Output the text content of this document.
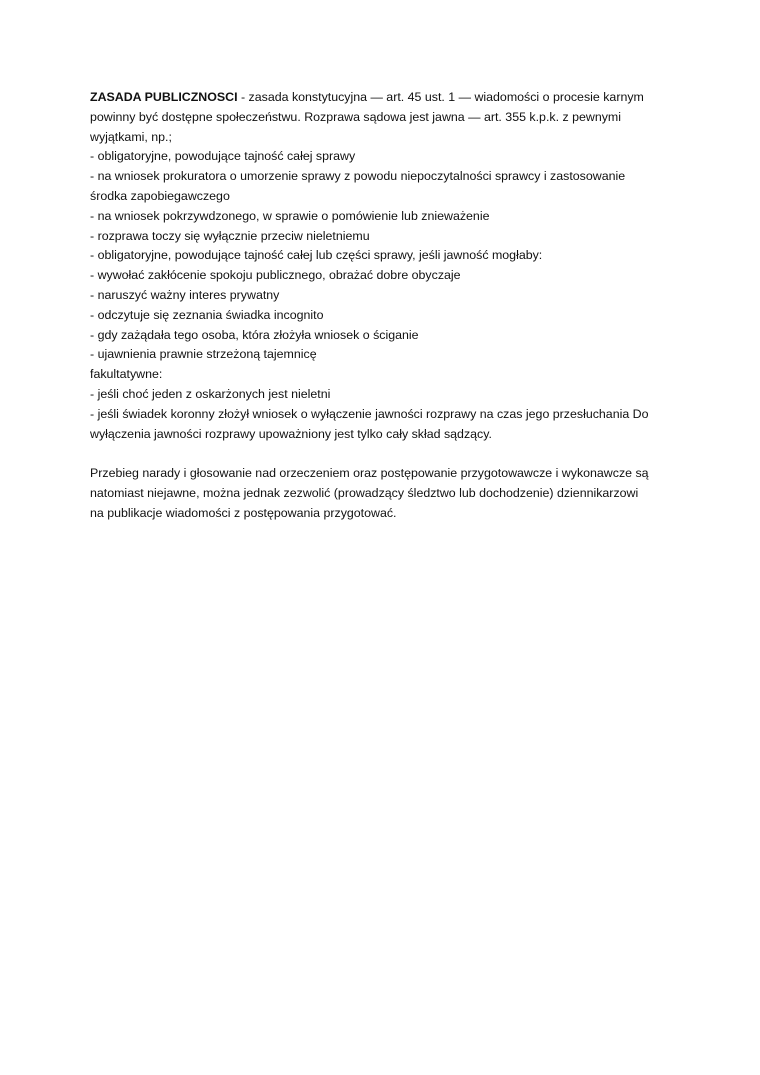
ZASADA PUBLICZNOSCI - zasada konstytucyjna — art. 45 ust. 1 — wiadomości o procesie karnym
powinny być dostępne społeczeństwu. Rozprawa sądowa jest jawna — art. 355 k.p.k. z pewnymi
wyjątkami, np.;
- obligatoryjne, powodujące tajność całej sprawy
- na wniosek prokuratora o umorzenie sprawy z powodu niepoczytalności sprawcy i zastosowanie
środka zapobiegawczego
- na wniosek pokrzywdzonego, w sprawie o pomówienie lub znieważenie
- rozprawa toczy się wyłącznie przeciw nieletniemu
- obligatoryjne, powodujące tajność całej lub części sprawy, jeśli jawność mogłaby:
- wywołać zakłócenie spokoju publicznego, obrażać dobre obyczaje
- naruszyć ważny interes prywatny
- odczytuje się zeznania świadka incognito
- gdy zażądała tego osoba, która złożyła wniosek o ściganie
- ujawnienia prawnie strzeżoną tajemnicę
fakultatywne:
- jeśli choć jeden z oskarżonych jest nieletni
- jeśli świadek koronny złożył wniosek o wyłączenie jawności rozprawy na czas jego przesłuchania Do
wyłączenia jawności rozprawy upoważniony jest tylko cały skład sądzący.

Przebieg narady i głosowanie nad orzeczeniem oraz postępowanie przygotowawcze i wykonawcze są
natomiast niejawne, można jednak zezwolić (prowadzący śledztwo lub dochodzenie) dziennikarzowi
na publikacje wiadomości z postępowania przygotować.
